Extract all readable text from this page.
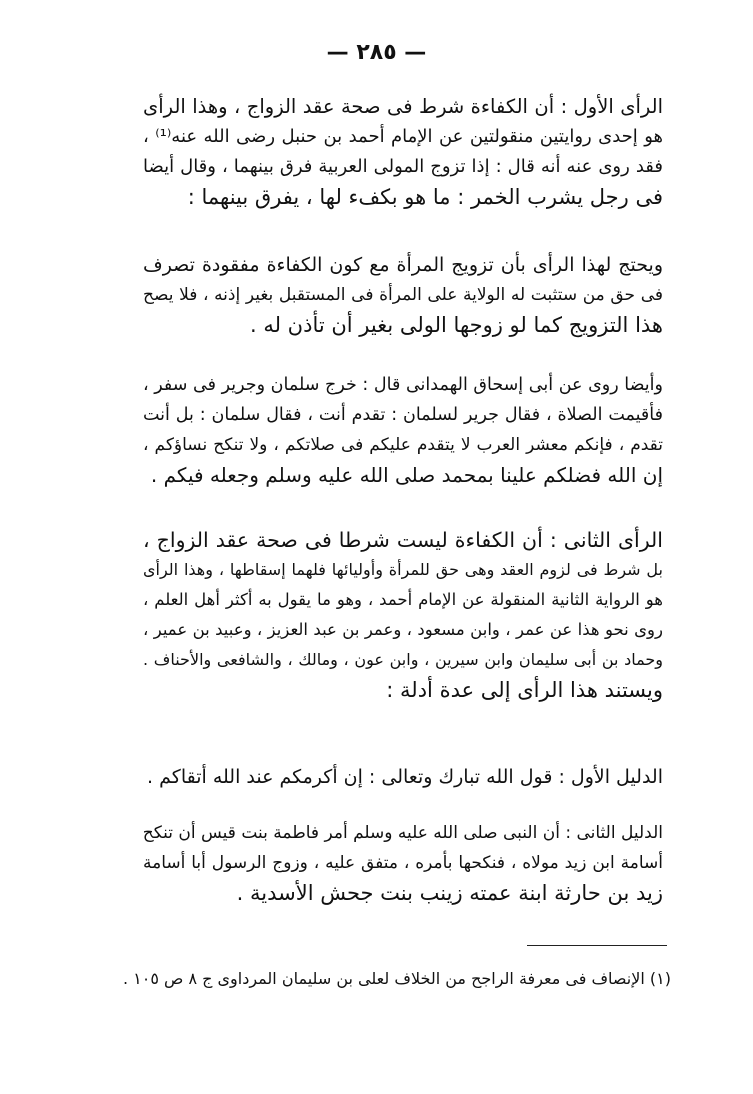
— ٢٨٥ —
الرأى الأول : أن الكفاءة شرط فى صحة عقد الزواج ، وهذا الرأى
هو إحدى روايتين منقولتين عن الإمام أحمد بن حنبل رضى الله عنه⁽¹⁾ ،
فقد روى عنه أنه قال : إذا تزوج المولى العربية فرق بينهما ، وقال أيضا
فى رجل يشرب الخمر : ما هو بكفء لها ، يفرق بينهما :
ويحتج لهذا الرأى بأن تزويج المرأة مع كون الكفاءة مفقودة تصرف
فى حق من ستثبت له الولاية على المرأة فى المستقبل بغير إذنه ، فلا يصح
هذا التزويج كما لو زوجها الولى بغير أن تأذن له .
وأيضا روى عن أبى إسحاق الهمدانى قال : خرج سلمان وجرير فى سفر ،
فأقيمت الصلاة ، فقال جرير لسلمان : تقدم أنت ، فقال سلمان : بل أنت
تقدم ، فإنكم معشر العرب لا يتقدم عليكم فى صلاتكم ، ولا تنكح نساؤكم ،
إن الله فضلكم علينا بمحمد صلى الله عليه وسلم وجعله فيكم .
الرأى الثانى : أن الكفاءة ليست شرطا فى صحة عقد الزواج ،
بل شرط فى لزوم العقد وهى حق للمرأة وأوليائها فلهما إسقاطها ، وهذا الرأى
هو الرواية الثانية المنقولة عن الإمام أحمد ، وهو ما يقول به أكثر أهل العلم ،
روى نحو هذا عن عمر ، وابن مسعود ، وعمر بن عبد العزيز ، وعبيد بن عمير ،
وحماد بن أبى سليمان وابن سيرين ، وابن عون ، ومالك ، والشافعى والأحناف .
ويستند هذا الرأى إلى عدة أدلة :
الدليل الأول : قول الله تبارك وتعالى : إن أكرمكم عند الله أتقاكم .
الدليل الثانى : أن النبى صلى الله عليه وسلم أمر فاطمة بنت قيس أن تنكح
أسامة ابن زيد مولاه ، فنكحها بأمره ، متفق عليه ، وزوج الرسول أبا أسامة
زيد بن حارثة ابنة عمته زينب بنت جحش الأسدية .
(١) الإنصاف فى معرفة الراجح من الخلاف لعلى بن سليمان المرداوى ج ٨ ص ١٠٥ .
